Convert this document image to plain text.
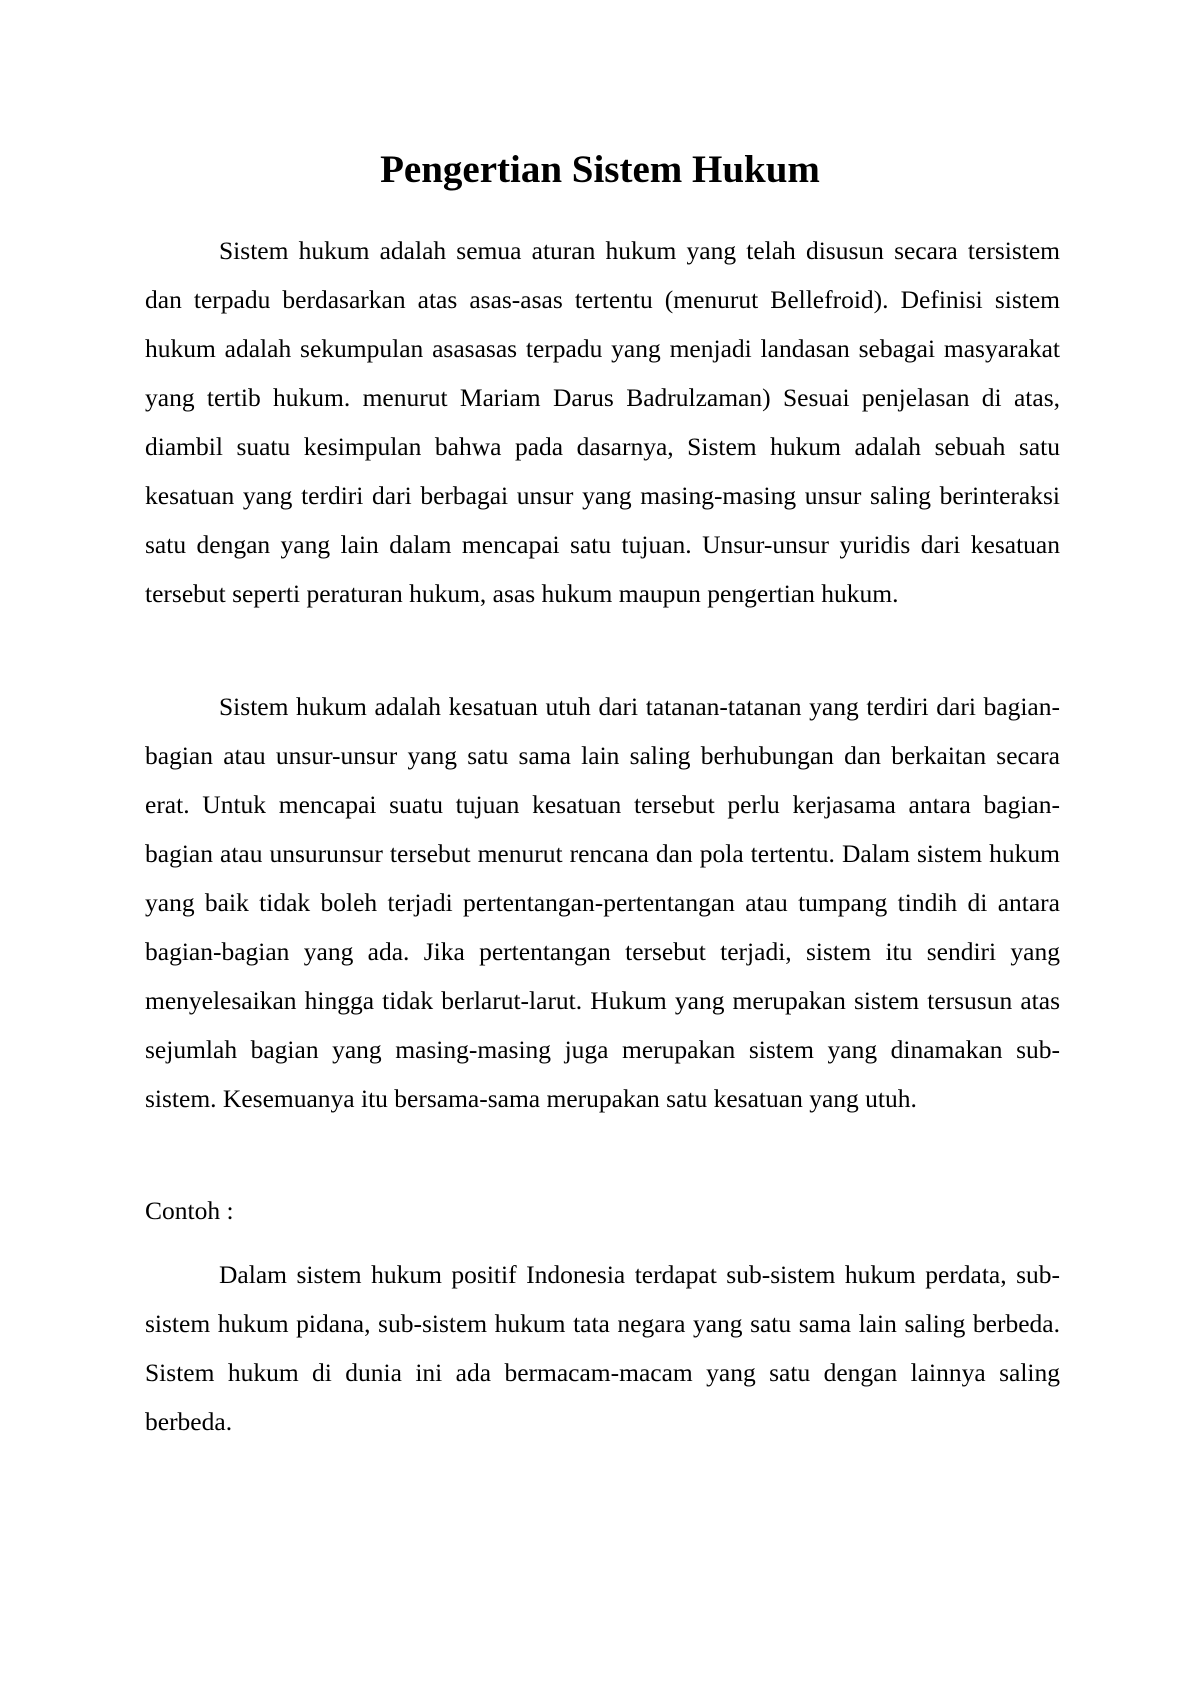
Pengertian Sistem Hukum

Sistem hukum adalah semua aturan hukum yang telah disusun secara tersistem dan terpadu berdasarkan atas asas-asas tertentu (menurut Bellefroid). Definisi sistem hukum adalah sekumpulan asasasas terpadu yang menjadi landasan sebagai masyarakat yang tertib hukum. menurut Mariam Darus Badrulzaman) Sesuai penjelasan di atas, diambil suatu kesimpulan bahwa pada dasarnya, Sistem hukum adalah sebuah satu kesatuan yang terdiri dari berbagai unsur yang masing-masing unsur saling berinteraksi satu dengan yang lain dalam mencapai satu tujuan. Unsur-unsur yuridis dari kesatuan tersebut seperti peraturan hukum, asas hukum maupun pengertian hukum.

Sistem hukum adalah kesatuan utuh dari tatanan-tatanan yang terdiri dari bagian-bagian atau unsur-unsur yang satu sama lain saling berhubungan dan berkaitan secara erat. Untuk mencapai suatu tujuan kesatuan tersebut perlu kerjasama antara bagian-bagian atau unsurunsur tersebut menurut rencana dan pola tertentu. Dalam sistem hukum yang baik tidak boleh terjadi pertentangan-pertentangan atau tumpang tindih di antara bagian-bagian yang ada. Jika pertentangan tersebut terjadi, sistem itu sendiri yang menyelesaikan hingga tidak berlarut-larut. Hukum yang merupakan sistem tersusun atas sejumlah bagian yang masing-masing juga merupakan sistem yang dinamakan sub-sistem. Kesemuanya itu bersama-sama merupakan satu kesatuan yang utuh.

Contoh :

Dalam sistem hukum positif Indonesia terdapat sub-sistem hukum perdata, sub-sistem hukum pidana, sub-sistem hukum tata negara yang satu sama lain saling berbeda. Sistem hukum di dunia ini ada bermacam-macam yang satu dengan lainnya saling berbeda.
